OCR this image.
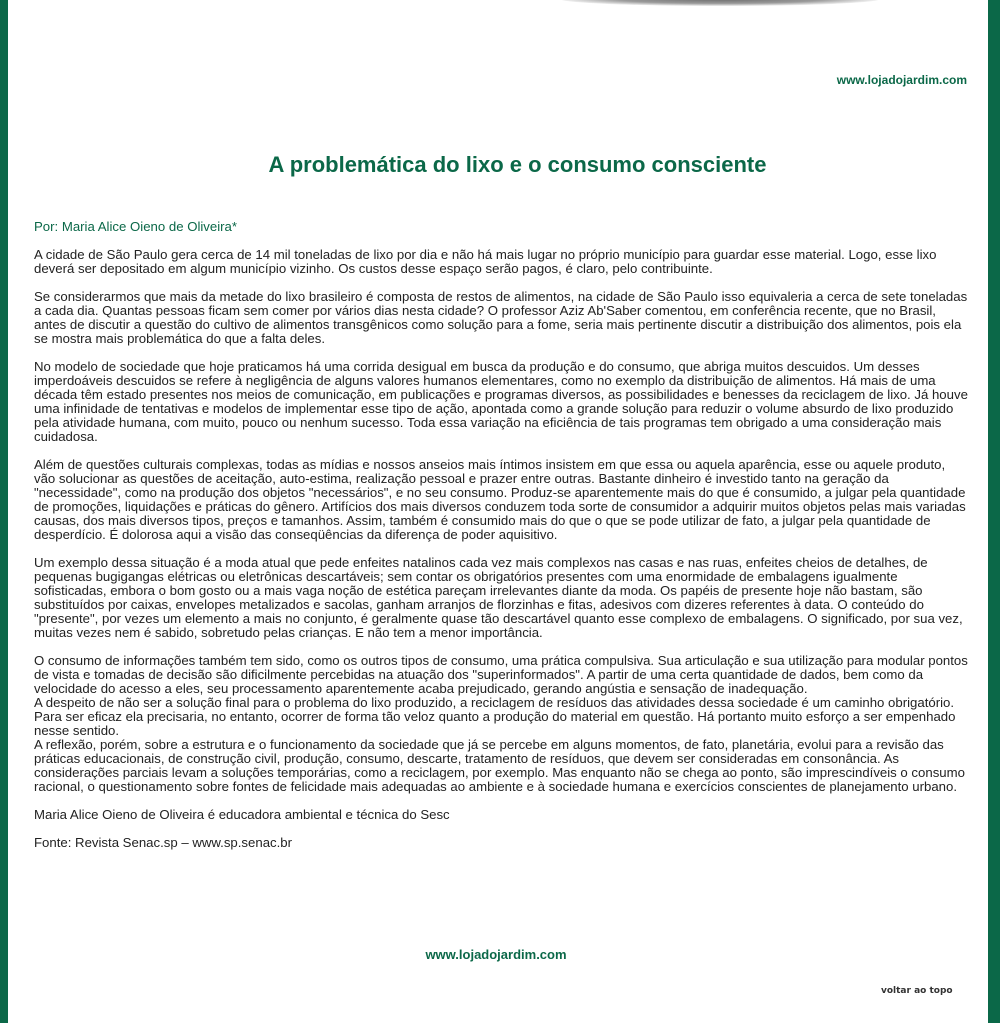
www.lojadojardim.com
A problemática do lixo e o consumo consciente

Por: Maria Alice Oieno de Oliveira*

A cidade de São Paulo gera cerca de 14 mil toneladas de lixo por dia e não há mais lugar no próprio município para guardar esse material. Logo, esse lixo deverá ser depositado em algum município vizinho. Os custos desse espaço serão pagos, é claro, pelo contribuinte.

Se considerarmos que mais da metade do lixo brasileiro é composta de restos de alimentos, na cidade de São Paulo isso equivaleria a cerca de sete toneladas a cada dia. Quantas pessoas ficam sem comer por vários dias nesta cidade? O professor Aziz Ab'Saber comentou, em conferência recente, que no Brasil, antes de discutir a questão do cultivo de alimentos transgênicos como solução para a fome, seria mais pertinente discutir a distribuição dos alimentos, pois ela se mostra mais problemática do que a falta deles.

No modelo de sociedade que hoje praticamos há uma corrida desigual em busca da produção e do consumo, que abriga muitos descuidos. Um desses imperdoáveis descuidos se refere à negligência de alguns valores humanos elementares, como no exemplo da distribuição de alimentos. Há mais de uma década têm estado presentes nos meios de comunicação, em publicações e programas diversos, as possibilidades e benesses da reciclagem de lixo. Já houve uma infinidade de tentativas e modelos de implementar esse tipo de ação, apontada como a grande solução para reduzir o volume absurdo de lixo produzido pela atividade humana, com muito, pouco ou nenhum sucesso. Toda essa variação na eficiência de tais programas tem obrigado a uma consideração mais cuidadosa.

Além de questões culturais complexas, todas as mídias e nossos anseios mais íntimos insistem em que essa ou aquela aparência, esse ou aquele produto, vão solucionar as questões de aceitação, auto-estima, realização pessoal e prazer entre outras. Bastante dinheiro é investido tanto na geração da "necessidade", como na produção dos objetos "necessários", e no seu consumo. Produz-se aparentemente mais do que é consumido, a julgar pela quantidade de promoções, liquidações e práticas do gênero. Artifícios dos mais diversos conduzem toda sorte de consumidor a adquirir muitos objetos pelas mais variadas causas, dos mais diversos tipos, preços e tamanhos. Assim, também é consumido mais do que o que se pode utilizar de fato, a julgar pela quantidade de desperdício. É dolorosa aqui a visão das conseqüências da diferença de poder aquisitivo.

Um exemplo dessa situação é a moda atual que pede enfeites natalinos cada vez mais complexos nas casas e nas ruas, enfeites cheios de detalhes, de pequenas bugigangas elétricas ou eletrônicas descartáveis; sem contar os obrigatórios presentes com uma enormidade de embalagens igualmente sofisticadas, embora o bom gosto ou a mais vaga noção de estética pareçam irrelevantes diante da moda. Os papéis de presente hoje não bastam, são substituídos por caixas, envelopes metalizados e sacolas, ganham arranjos de florzinhas e fitas, adesivos com dizeres referentes à data. O conteúdo do "presente", por vezes um elemento a mais no conjunto, é geralmente quase tão descartável quanto esse complexo de embalagens. O significado, por sua vez, muitas vezes nem é sabido, sobretudo pelas crianças. E não tem a menor importância.

O consumo de informações também tem sido, como os outros tipos de consumo, uma prática compulsiva. Sua articulação e sua utilização para modular pontos de vista e tomadas de decisão são dificilmente percebidas na atuação dos "superinformados". A partir de uma certa quantidade de dados, bem como da velocidade do acesso a eles, seu processamento aparentemente acaba prejudicado, gerando angústia e sensação de inadequação.
A despeito de não ser a solução final para o problema do lixo produzido, a reciclagem de resíduos das atividades dessa sociedade é um caminho obrigatório. Para ser eficaz ela precisaria, no entanto, ocorrer de forma tão veloz quanto a produção do material em questão. Há portanto muito esforço a ser empenhado nesse sentido.
A reflexão, porém, sobre a estrutura e o funcionamento da sociedade que já se percebe em alguns momentos, de fato, planetária, evolui para a revisão das práticas educacionais, de construção civil, produção, consumo, descarte, tratamento de resíduos, que devem ser consideradas em consonância. As considerações parciais levam a soluções temporárias, como a reciclagem, por exemplo. Mas enquanto não se chega ao ponto, são imprescindíveis o consumo racional, o questionamento sobre fontes de felicidade mais adequadas ao ambiente e à sociedade humana e exercícios conscientes de planejamento urbano.

Maria Alice Oieno de Oliveira é educadora ambiental e técnica do Sesc

Fonte: Revista Senac.sp – www.sp.senac.br

www.lojadojardim.com
voltar ao topo
